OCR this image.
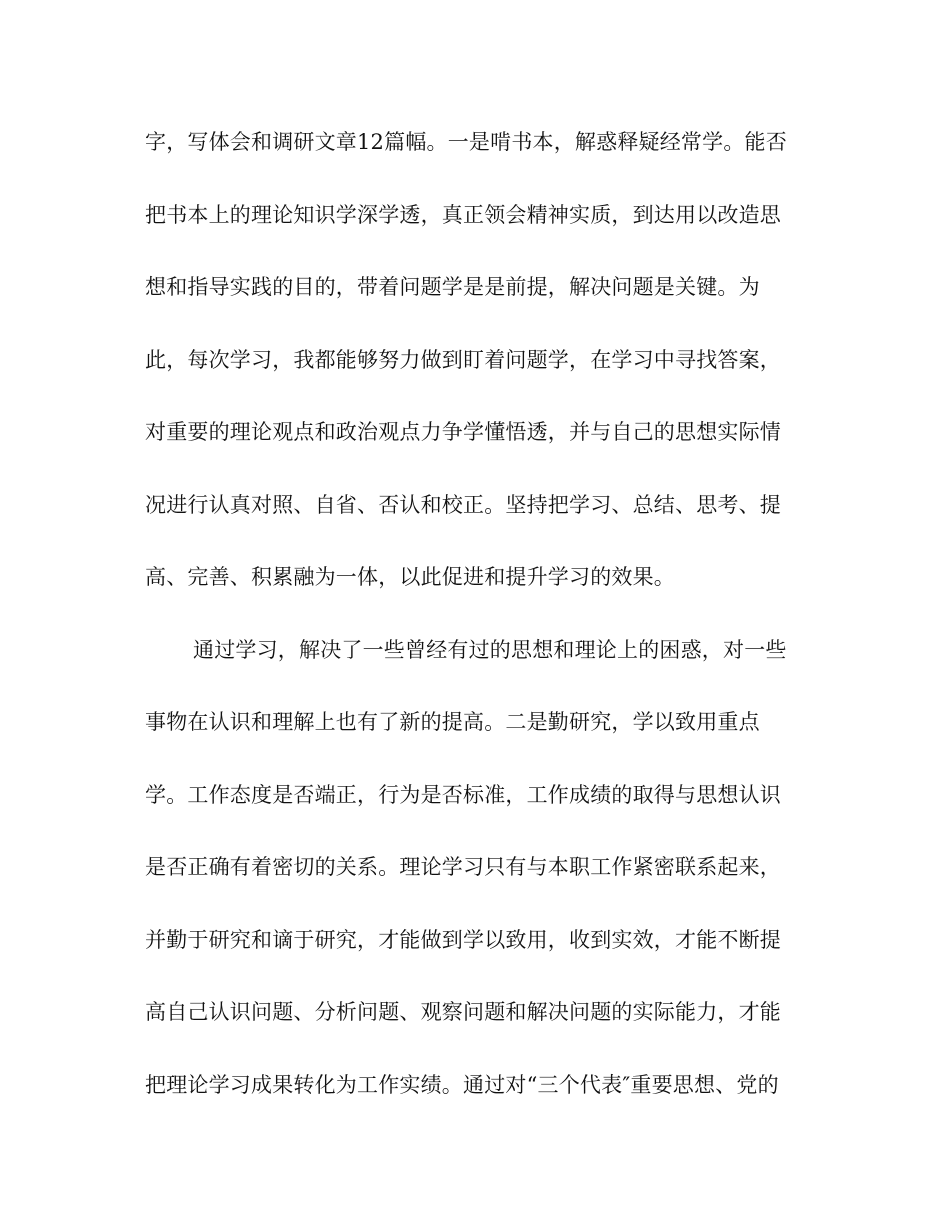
字，写体会和调研文章12篇幅。一是啃书本，解惑释疑经常学。能否
把书本上的理论知识学深学透，真正领会精神实质，到达用以改造思
想和指导实践的目的，带着问题学是是前提，解决问题是关键。为
此，每次学习，我都能够努力做到盯着问题学，在学习中寻找答案，
对重要的理论观点和政治观点力争学懂悟透，并与自己的思想实际情
况进行认真对照、自省、否认和校正。坚持把学习、总结、思考、提
高、完善、积累融为一体，以此促进和提升学习的效果。
通过学习，解决了一些曾经有过的思想和理论上的困惑，对一些
事物在认识和理解上也有了新的提高。二是勤研究，学以致用重点
学。工作态度是否端正，行为是否标准，工作成绩的取得与思想认识
是否正确有着密切的关系。理论学习只有与本职工作紧密联系起来，
并勤于研究和谪于研究，才能做到学以致用，收到实效，才能不断提
高自己认识问题、分析问题、观察问题和解决问题的实际能力，才能
把理论学习成果转化为工作实绩。通过对“三个代表″重要思想、党的
